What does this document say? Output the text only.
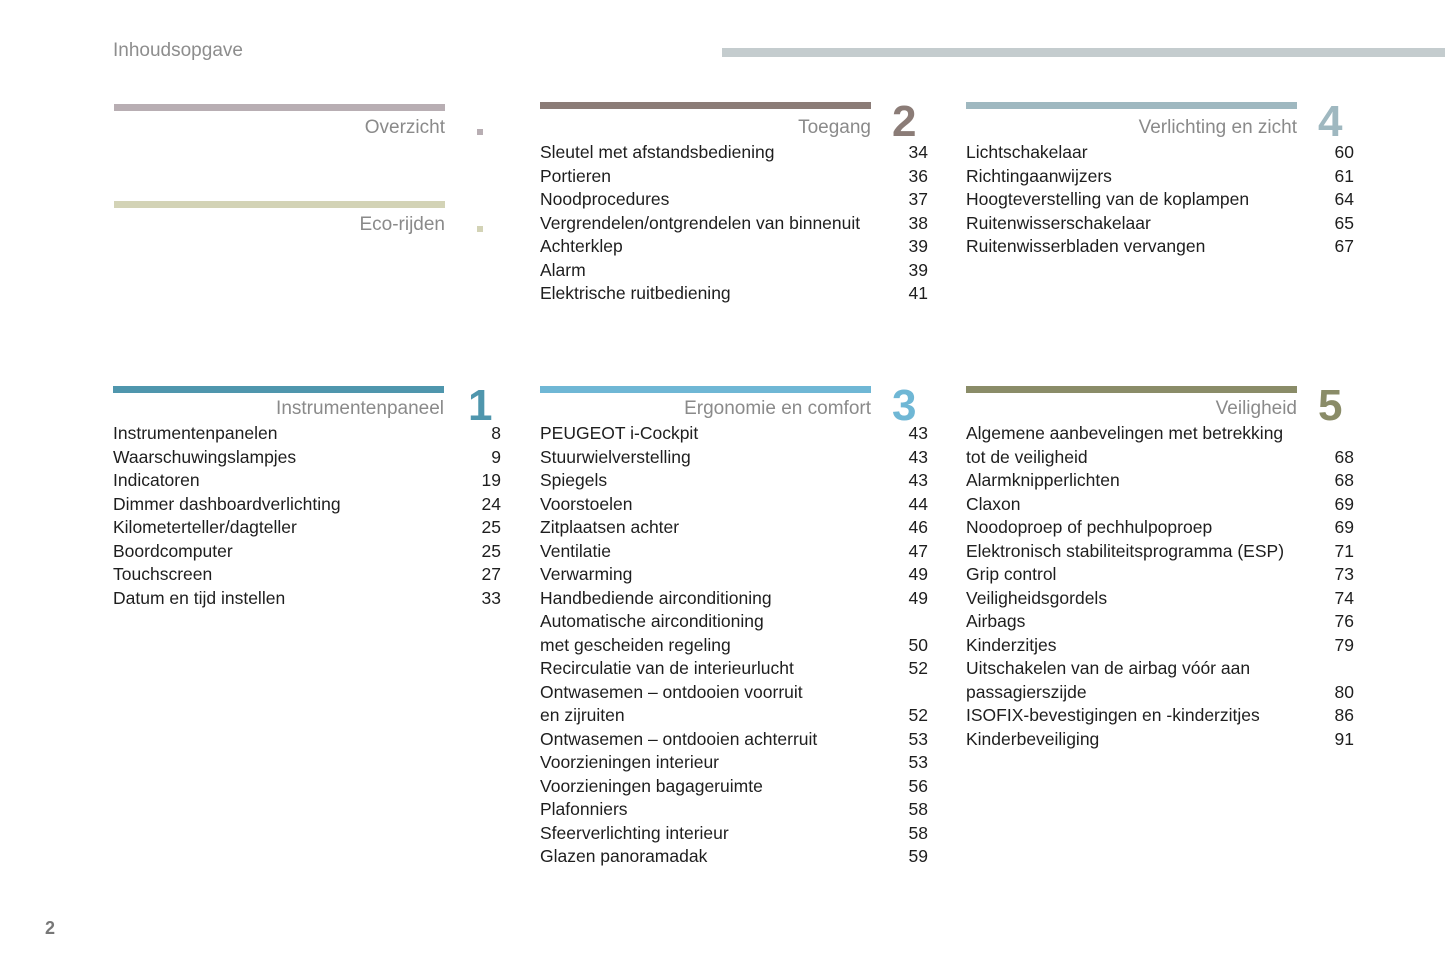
Inhoudsopgave
Overzicht
Eco-rijden
Toegang 2
Sleutel met afstandsbediening	34
Portieren	36
Noodprocedures	37
Vergrendelen/ontgrendelen van binnenuit	38
Achterklep	39
Alarm	39
Elektrische ruitbediening	41
Verlichting en zicht 4
Lichtschakelaar	60
Richtingaanwijzers	61
Hoogteverstelling van de koplampen	64
Ruitenwisserschakelaar	65
Ruitenwisserbladen vervangen	67
Instrumentenpaneel 1
Instrumentenpanelen	8
Waarschuwingslampjes	9
Indicatoren	19
Dimmer dashboardverlichting	24
Kilometerteller/dagteller	25
Boordcomputer	25
Touchscreen	27
Datum en tijd instellen	33
Ergonomie en comfort 3
PEUGEOT i-Cockpit	43
Stuurwielverstelling	43
Spiegels	43
Voorstoelen	44
Zitplaatsen achter	46
Ventilatie	47
Verwarming	49
Handbediende airconditioning	49
Automatische airconditioning
met gescheiden regeling	50
Recirculatie van de interieurlucht	52
Ontwasemen – ontdooien voorruit
en zijruiten	52
Ontwasemen – ontdooien achterruit	53
Voorzieningen interieur	53
Voorzieningen bagageruimte	56
Plafonniers	58
Sfeerverlichting interieur	58
Glazen panoramadak	59
Veiligheid 5
Algemene aanbevelingen met betrekking
tot de veiligheid	68
Alarmknipperlichten	68
Claxon	69
Noodoproep of pechhulpoproep	69
Elektronisch stabiliteitsprogramma (ESP)	71
Grip control	73
Veiligheidsgordels	74
Airbags	76
Kinderzitjes	79
Uitschakelen van de airbag vóór aan
passagierszijde	80
ISOFIX-bevestigingen en -kinderzitjes	86
Kinderbeveiliging	91
2
